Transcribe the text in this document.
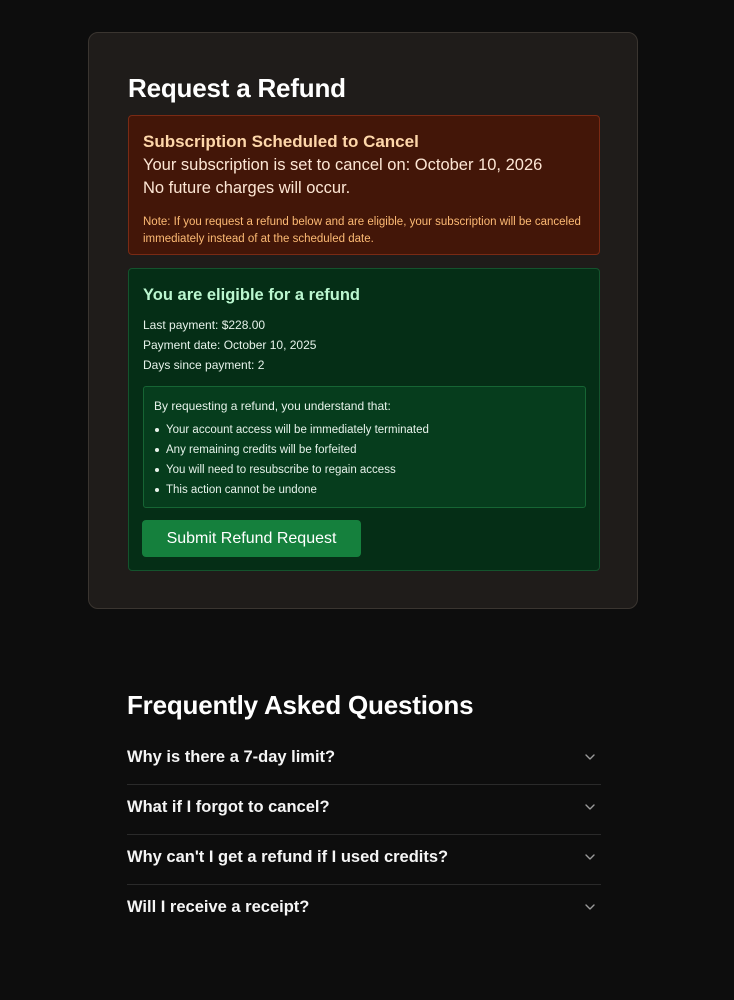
Request a Refund

Subscription Scheduled to Cancel

Your subscription is set to cancel on: October 10, 2026

No future charges will occur.

Note: If you request a refund below and are eligible, your subscription will be canceled immediately instead of at the scheduled date.

You are eligible for a refund

Last payment: $228.00

Payment date: October 10, 2025

Days since payment: 2

By requesting a refund, you understand that:

Your account access will be immediately terminated
Any remaining credits will be forfeited
You will need to resubscribe to regain access
This action cannot be undone
Submit Refund Request
Frequently Asked Questions
Why is there a 7-day limit?
What if I forgot to cancel?
Why can't I get a refund if I used credits?
Will I receive a receipt?
